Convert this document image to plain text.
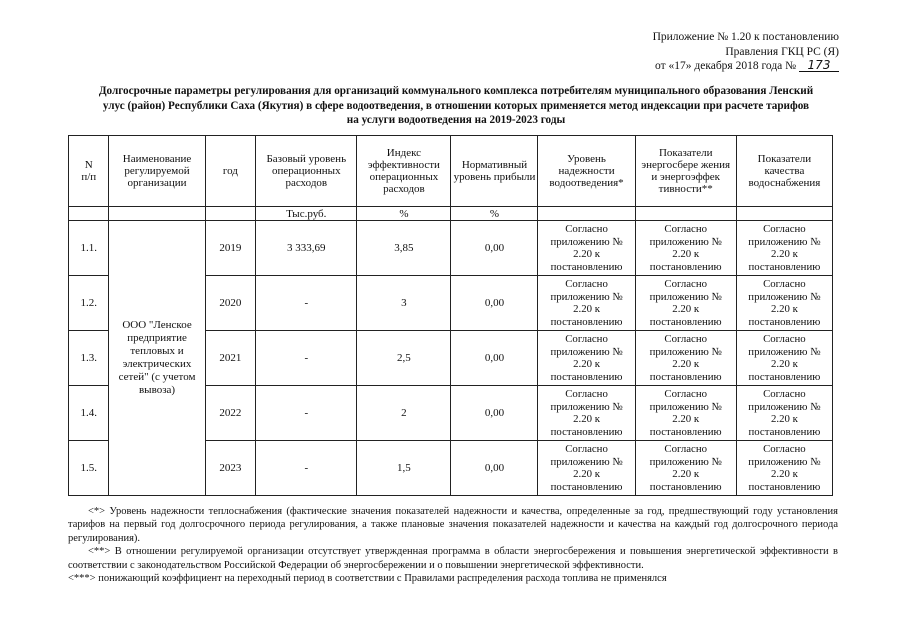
Приложение № 1.20 к постановлению
Правления ГКЦ РС (Я)
от «17» декабря 2018 года № 173
Долгосрочные параметры регулирования для организаций коммунального комплекса потребителям муниципального образования Ленский улус (район) Республики Саха (Якутия) в сфере водоотведения, в отношении которых применяется метод индексации при расчете тарифов на услуги водоотведения на 2019-2023 годы
N
п/п	Наименование регулируемой организации	год	Базовый уровень операционных расходов	Индекс эффективности операционных расходов	Нормативный уровень прибыли	Уровень надежности водоотведения*	Показатели энергосбере жения и энергоэффек тивности**	Показатели качества водоснабжения
			Тыс.руб.	%	%			
1.1.	ООО "Ленское предприятие тепловых и электрических сетей" (с учетом вывоза)	2019	3 333,69	3,85	0,00	Согласно
приложению №
2.20 к
постановлению	Согласно
приложению №
2.20 к
постановлению	Согласно
приложению №
2.20 к
постановлению
1.2.		2020	-	3	0,00	Согласно
приложению №
2.20 к
постановлению	Согласно
приложению №
2.20 к
постановлению	Согласно
приложению №
2.20 к
постановлению
1.3.		2021	-	2,5	0,00	Согласно
приложению №
2.20 к
постановлению	Согласно
приложению №
2.20 к
постановлению	Согласно
приложению №
2.20 к
постановлению
1.4.		2022	-	2	0,00	Согласно
приложению №
2.20 к
постановлению	Согласно
приложению №
2.20 к
постановлению	Согласно
приложению №
2.20 к
постановлению
1.5.		2023	-	1,5	0,00	Согласно
приложению №
2.20 к
постановлению	Согласно
приложению №
2.20 к
постановлению	Согласно
приложению №
2.20 к
постановлению

<*> Уровень надежности теплоснабжения (фактические значения показателей надежности и качества, определенные за год, предшествующий году установления тарифов на первый год долгосрочного периода регулирования, а также плановые значения показателей надежности и качества на каждый год долгосрочного периода регулирования).

<**> В отношении регулируемой организации отсутствует утвержденная программа в области энергосбережения и повышения энергетической эффективности в соответствии с законодательством Российской Федерации об энергосбережении и о повышении энергетической эффективности.

<***> понижающий коэффициент на переходный период в соответствии с Правилами распределения расхода топлива не применялся
